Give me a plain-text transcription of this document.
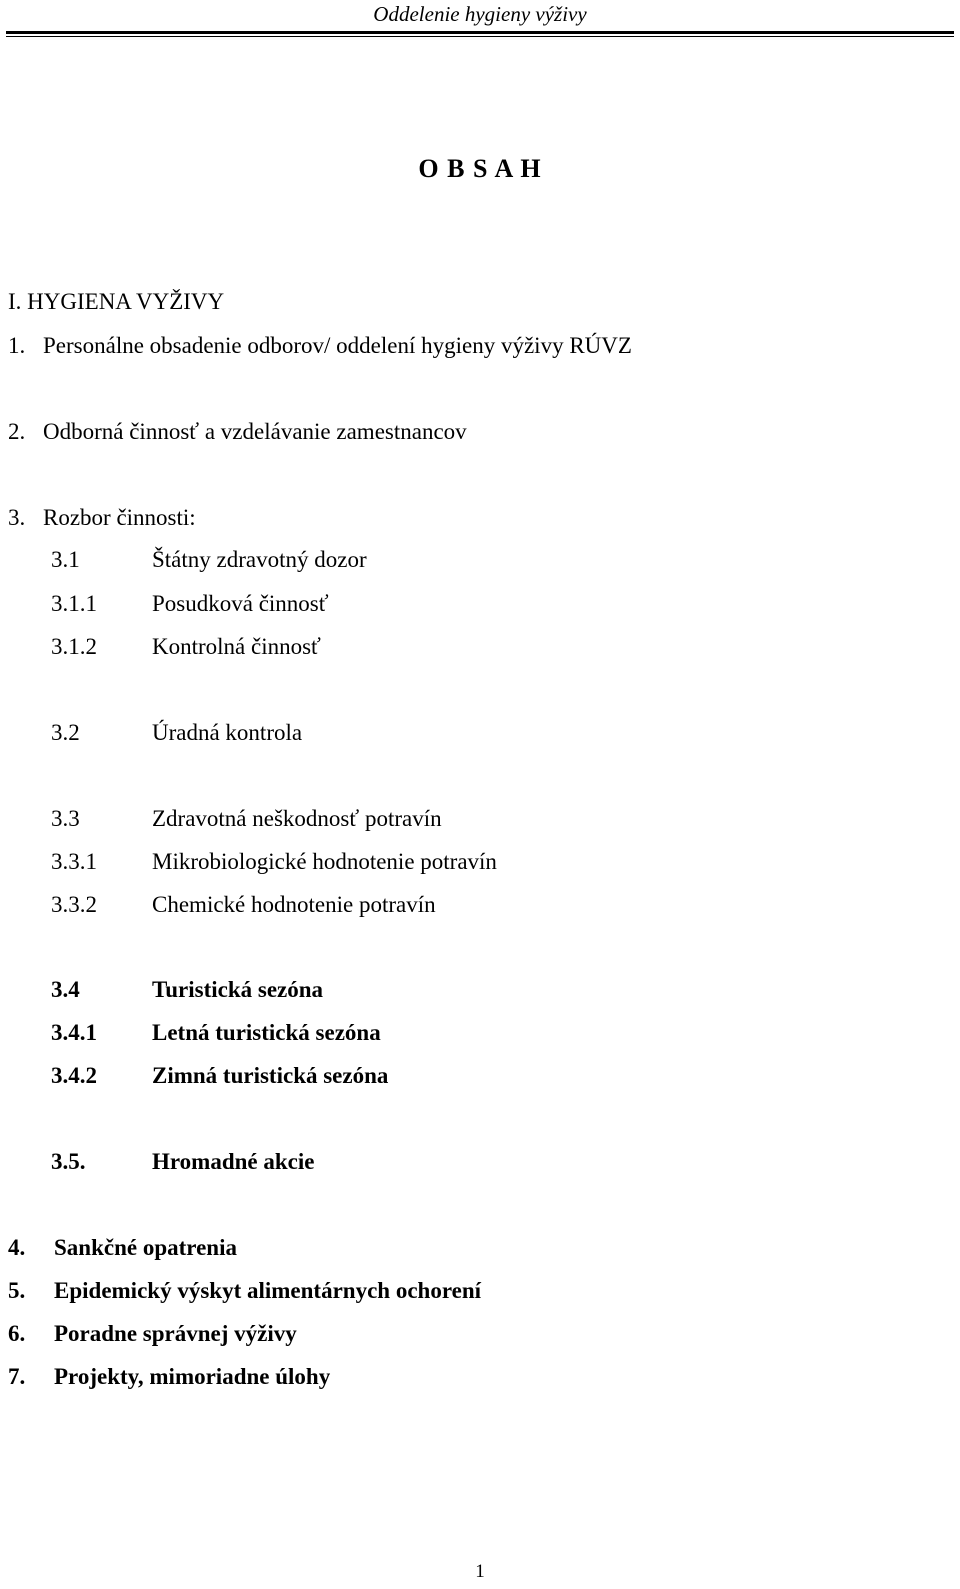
Oddelenie hygieny výživy
O B S A H
I. HYGIENA VYŽIVY
1. Personálne obsadenie odborov/ oddelení hygieny výživy RÚVZ
2. Odborná činnosť a vzdelávanie zamestnancov
3. Rozbor činnosti:
3.1	Štátny zdravotný dozor
3.1.1 Posudková činnosť
3.1.2 Kontrolná činnosť
3.2	Úradná kontrola
3.3	Zdravotná neškodnosť potravín
3.3.1 Mikrobiologické hodnotenie potravín
3.3.2 Chemické hodnotenie potravín
3.4	Turistická sezóna
3.4.1 Letná turistická sezóna
3.4.2 Zimná turistická sezóna
3.5.	Hromadné akcie
4. Sankčné opatrenia
5. Epidemický výskyt alimentárnych ochorení
6. Poradne správnej výživy
7. Projekty, mimoriadne úlohy
1
